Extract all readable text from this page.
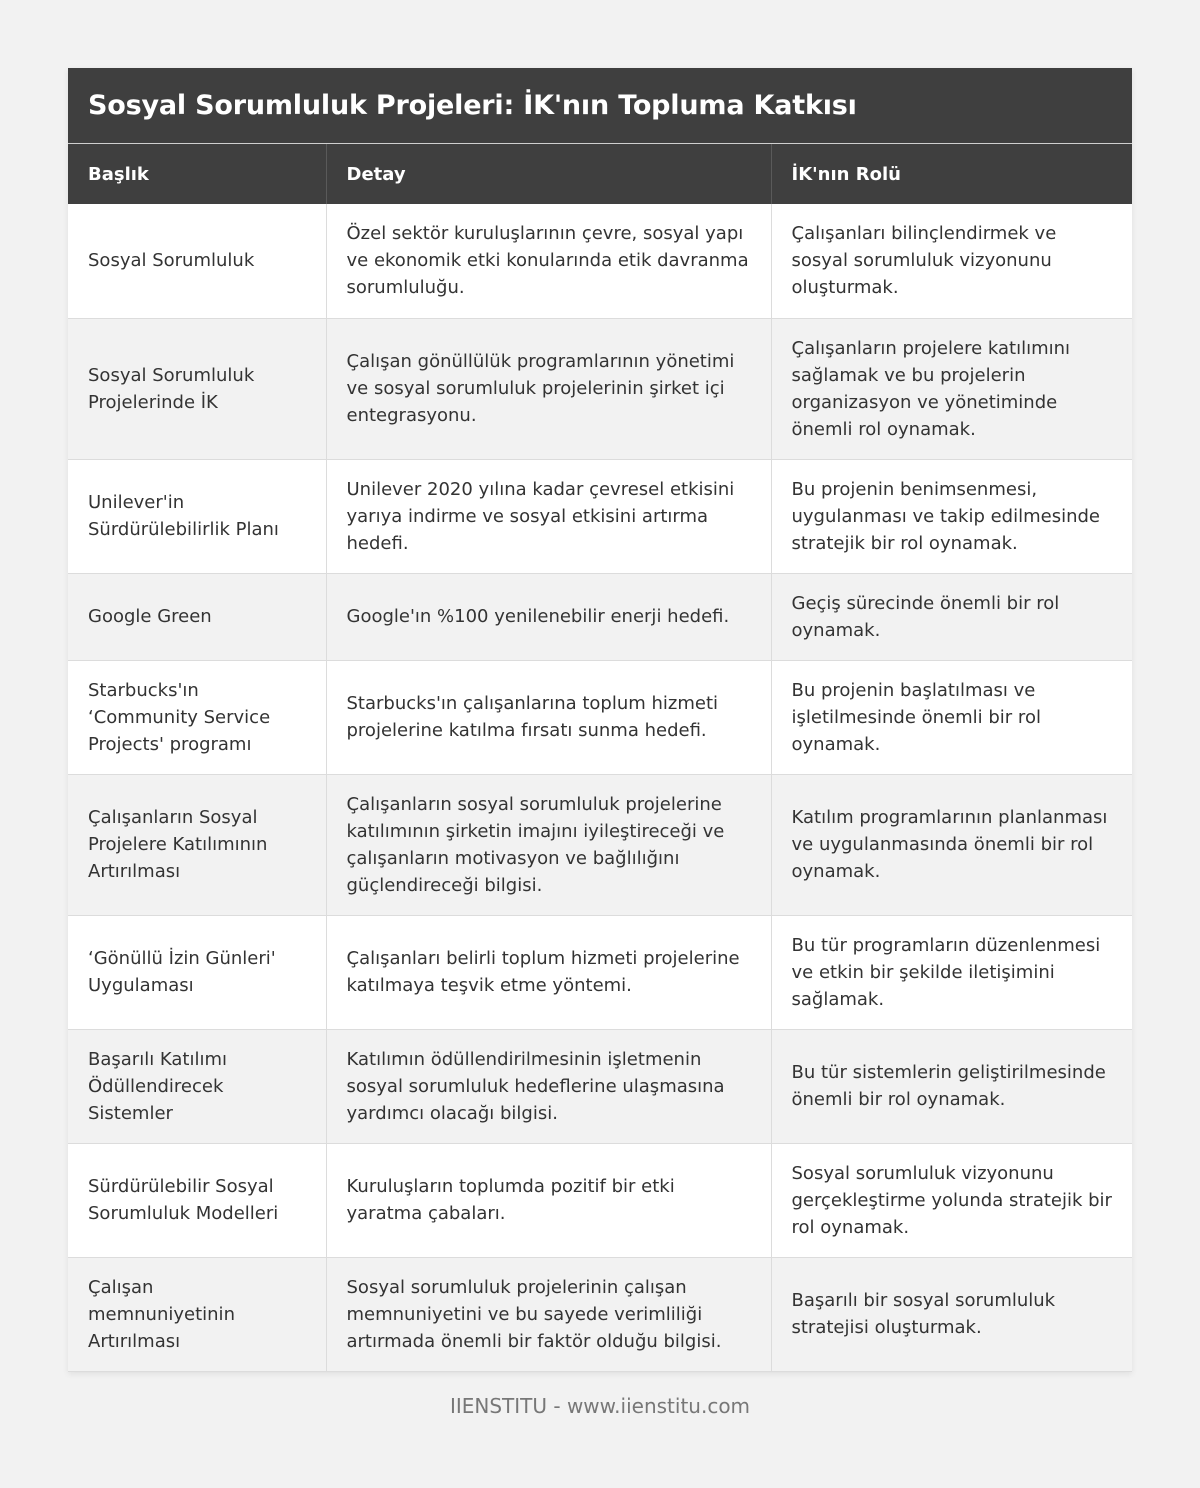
Sosyal Sorumluluk Projeleri: İK'nın Topluma Katkısı
Başlık	Detay	İK'nın Rolü
Sosyal Sorumluluk	Özel sektör kuruluşlarının çevre, sosyal yapı ve ekonomik etki konularında etik davranma sorumluluğu.	Çalışanları bilinçlendirmek ve sosyal sorumluluk vizyonunu oluşturmak.
Sosyal Sorumluluk Projelerinde İK	Çalışan gönüllülük programlarının yönetimi ve sosyal sorumluluk projelerinin şirket içi entegrasyonu.	Çalışanların projelere katılımını sağlamak ve bu projelerin organizasyon ve yönetiminde önemli rol oynamak.
Unilever'in Sürdürülebilirlik Planı	Unilever 2020 yılına kadar çevresel etkisini yarıya indirme ve sosyal etkisini artırma hedefi.	Bu projenin benimsenmesi, uygulanması ve takip edilmesinde stratejik bir rol oynamak.
Google Green	Google'ın %100 yenilenebilir enerji hedefi.	Geçiş sürecinde önemli bir rol oynamak.
Starbucks'ın ‘Community Service Projects' programı	Starbucks'ın çalışanlarına toplum hizmeti projelerine katılma fırsatı sunma hedefi.	Bu projenin başlatılması ve işletilmesinde önemli bir rol oynamak.
Çalışanların Sosyal Projelere Katılımının Artırılması	Çalışanların sosyal sorumluluk projelerine katılımının şirketin imajını iyileştireceği ve çalışanların motivasyon ve bağlılığını güçlendireceği bilgisi.	Katılım programlarının planlanması ve uygulanmasında önemli bir rol oynamak.
‘Gönüllü İzin Günleri' Uygulaması	Çalışanları belirli toplum hizmeti projelerine katılmaya teşvik etme yöntemi.	Bu tür programların düzenlenmesi ve etkin bir şekilde iletişimini sağlamak.
Başarılı Katılımı Ödüllendirecek Sistemler	Katılımın ödüllendirilmesinin işletmenin sosyal sorumluluk hedeflerine ulaşmasına yardımcı olacağı bilgisi.	Bu tür sistemlerin geliştirilmesinde önemli bir rol oynamak.
Sürdürülebilir Sosyal Sorumluluk Modelleri	Kuruluşların toplumda pozitif bir etki yaratma çabaları.	Sosyal sorumluluk vizyonunu gerçekleştirme yolunda stratejik bir rol oynamak.
Çalışan memnuniyetinin Artırılması	Sosyal sorumluluk projelerinin çalışan memnuniyetini ve bu sayede verimliliği artırmada önemli bir faktör olduğu bilgisi.	Başarılı bir sosyal sorumluluk stratejisi oluşturmak.
IIENSTITU - www.iienstitu.com
